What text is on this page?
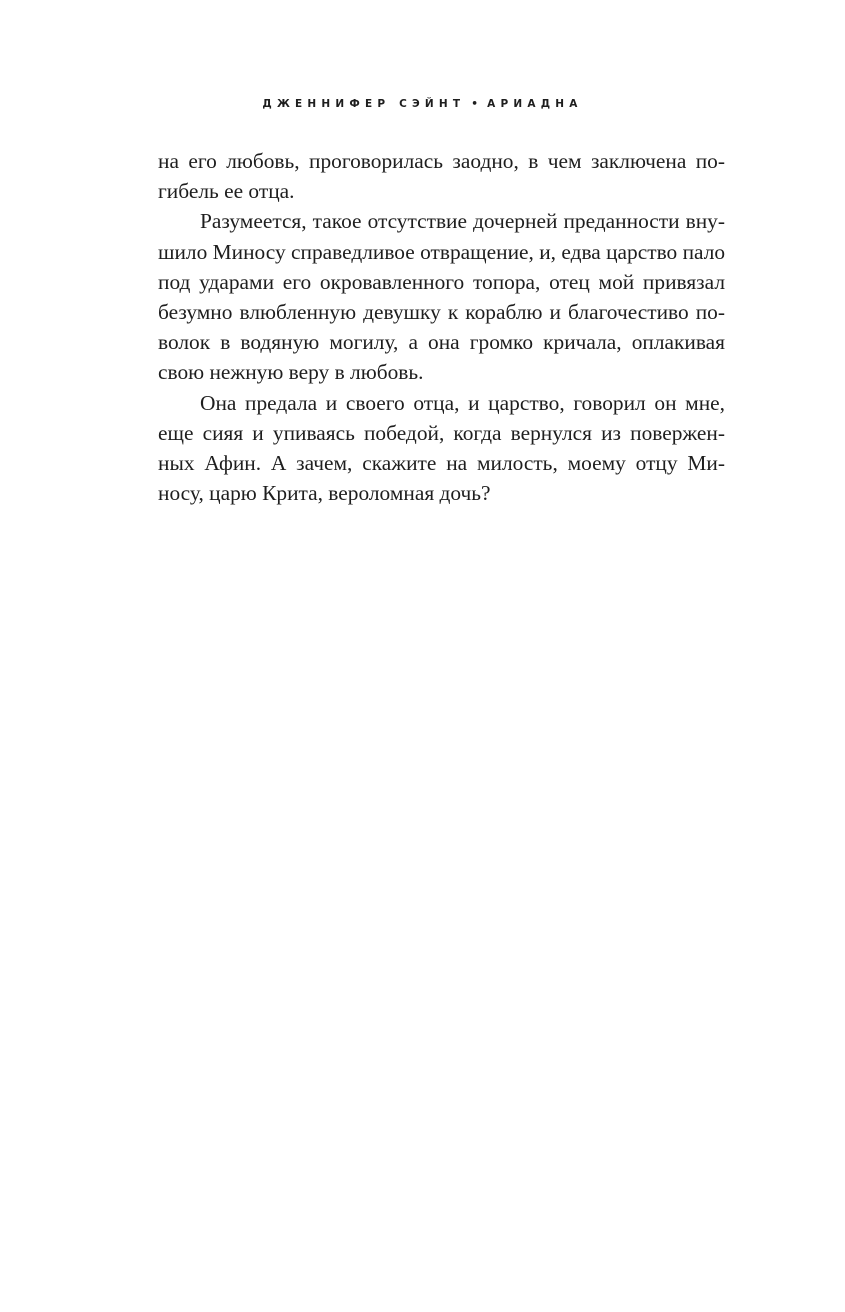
ДЖЕННИФЕР СЭЙНТ • АРИАДНА
на его любовь, проговорилась заодно, в чем заключена по-
гибель ее отца.
Разумеется, такое отсутствие дочерней преданности вну-
шило Миносу справедливое отвращение, и, едва царство пало
под ударами его окровавленного топора, отец мой привязал
безумно влюбленную девушку к кораблю и благочестиво по-
волок в водяную могилу, а она громко кричала, оплакивая
свою нежную веру в любовь.
Она предала и своего отца, и царство, говорил он мне,
еще сияя и упиваясь победой, когда вернулся из повержен-
ных Афин. А зачем, скажите на милость, моему отцу Ми-
носу, царю Крита, вероломная дочь?
